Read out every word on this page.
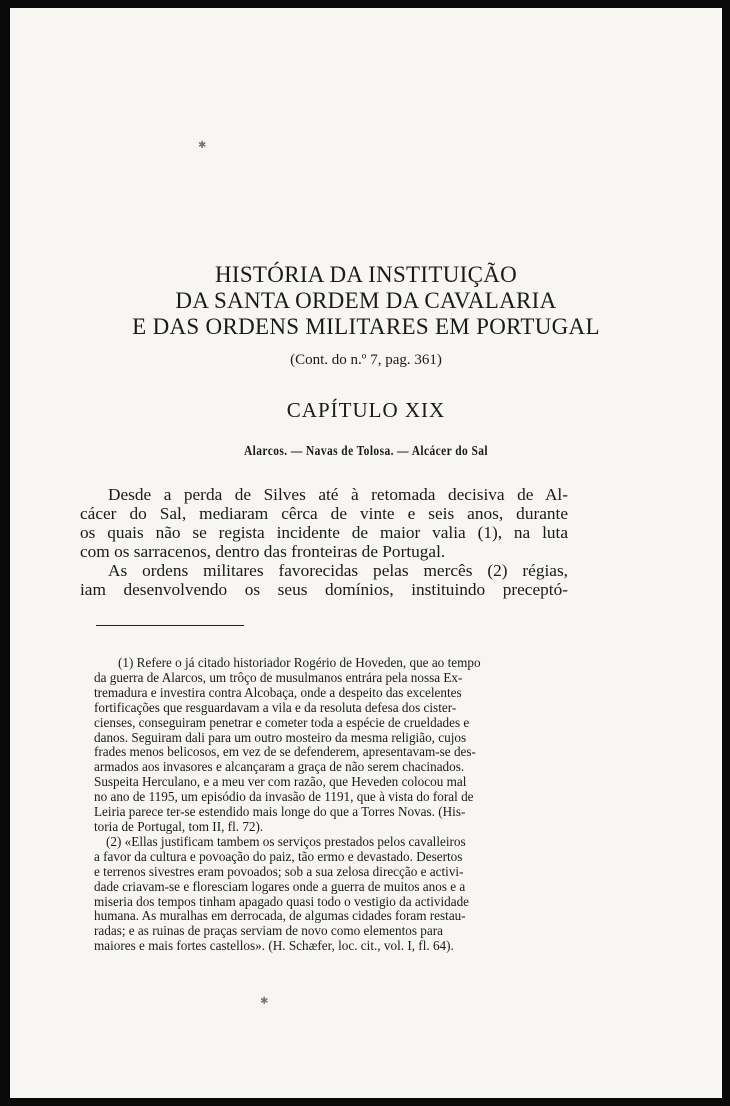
✱
HISTÓRIA DA INSTITUIÇÃO
DA SANTA ORDEM DA CAVALARIA
E DAS ORDENS MILITARES EM PORTUGAL
(Cont. do n.º 7, pag. 361)
CAPÍTULO XIX
Alarcos. — Navas de Tolosa. — Alcácer do Sal
Desde a perda de Silves até à retomada decisiva de Al-
cácer do Sal, mediaram cêrca de vinte e seis anos, durante
os quais não se regista incidente de maior valia (1), na luta
com os sarracenos, dentro das fronteiras de Portugal.
As ordens militares favorecidas pelas mercês (2) régias,
iam desenvolvendo os seus domínios, instituindo preceptó-
(1) Refere o já citado historiador Rogério de Hoveden, que ao tempo
da guerra de Alarcos, um trôço de musulmanos entrára pela nossa Ex-
tremadura e investira contra Alcobaça, onde a despeito das excelentes
fortificações que resguardavam a vila e da resoluta defesa dos cister-
cienses, conseguiram penetrar e cometer toda a espécie de crueldades e
danos. Seguiram dali para um outro mosteiro da mesma religião, cujos
frades menos belicosos, em vez de se defenderem, apresentavam-se des-
armados aos invasores e alcançaram a graça de não serem chacinados.
Suspeita Herculano, e a meu ver com razão, que Heveden colocou mal
no ano de 1195, um episódio da invasão de 1191, que à vista do foral de
Leiria parece ter-se estendido mais longe do que a Torres Novas. (His-
toria de Portugal, tom II, fl. 72).
(2) «Ellas justificam tambem os serviços prestados pelos cavalleiros
a favor da cultura e povoação do paiz, tão ermo e devastado. Desertos
e terrenos sivestres eram povoados; sob a sua zelosa direcção e activi-
dade criavam-se e floresciam logares onde a guerra de muitos anos e a
miseria dos tempos tinham apagado quasi todo o vestigio da actividade
humana. As muralhas em derrocada, de algumas cidades foram restau-
radas; e as ruinas de praças serviam de novo como elementos para
maiores e mais fortes castellos». (H. Schæfer, loc. cit., vol. I, fl. 64).
✱
